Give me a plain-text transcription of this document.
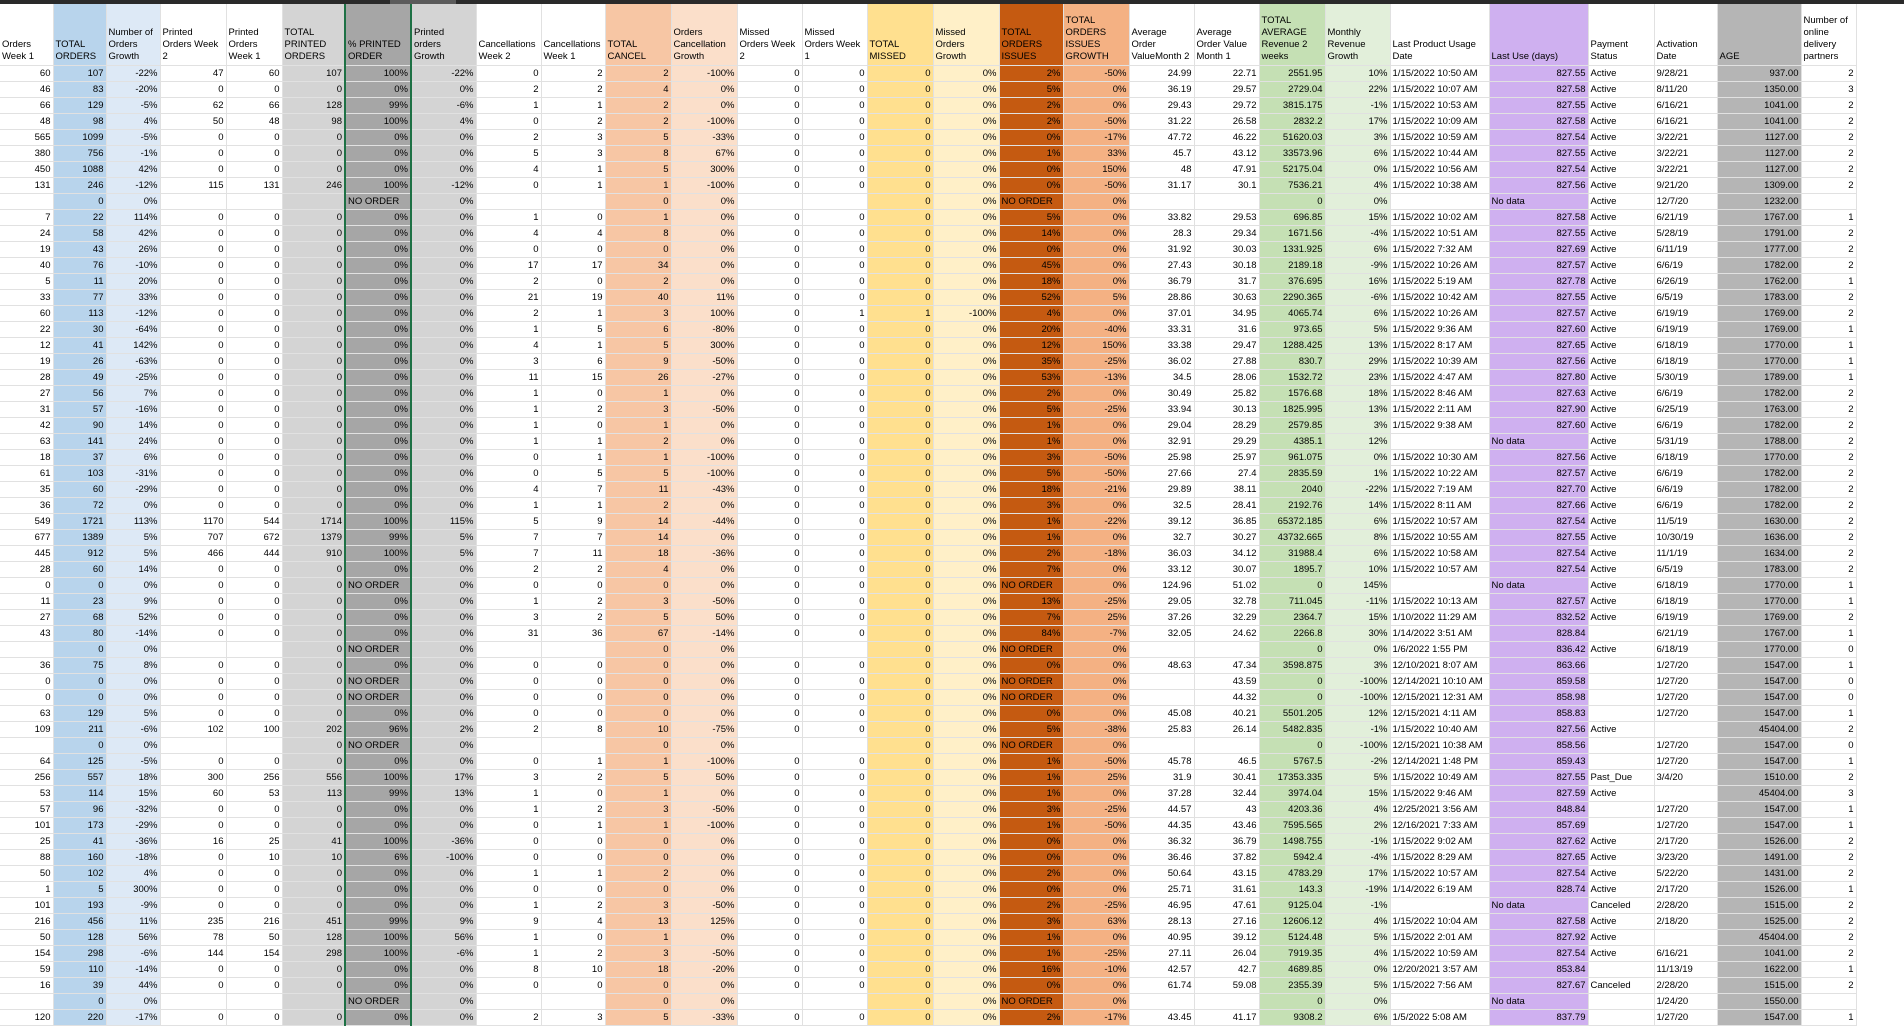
Orders Week 1	TOTAL ORDERS	Number of Orders Growth	Printed Orders Week 2	Printed Orders Week 1	TOTAL PRINTED ORDERS	% PRINTED ORDER	Printed orders Growth	Cancellations Week 2	Cancellations Week 1	TOTAL CANCEL	Orders Cancellation Growth	Missed Orders Week 2	Missed Orders Week 1	TOTAL MISSED	Missed Orders Growth	TOTAL ORDERS ISSUES	TOTAL ORDERS ISSUES GROWTH	Average Order ValueMonth 2	Average Order Value Month 1	TOTAL AVERAGE Revenue 2 weeks	Monthly Revenue Growth	Last Product Usage Date	Last Use (days)	Payment Status	Activation Date	AGE	Number of online delivery partners
60	107	-22%	47	60	107	100%	-22%	0	2	2	-100%	0	0	0	0%	2%	-50%	24.99	22.71	2551.95	10%	1/15/2022 10:50 AM	827.55	Active	9/28/21	937.00	2
46	83	-20%	0	0	0	0%	0%	2	2	4	0%	0	0	0	0%	5%	0%	36.19	29.57	2729.04	22%	1/15/2022 10:07 AM	827.58	Active	8/11/20	1350.00	3
66	129	-5%	62	66	128	99%	-6%	1	1	2	0%	0	0	0	0%	2%	0%	29.43	29.72	3815.175	-1%	1/15/2022 10:53 AM	827.55	Active	6/16/21	1041.00	2
48	98	4%	50	48	98	100%	4%	0	2	2	-100%	0	0	0	0%	2%	-50%	31.22	26.58	2832.2	17%	1/15/2022 10:09 AM	827.58	Active	6/16/21	1041.00	2
565	1099	-5%	0	0	0	0%	0%	2	3	5	-33%	0	0	0	0%	0%	-17%	47.72	46.22	51620.03	3%	1/15/2022 10:59 AM	827.54	Active	3/22/21	1127.00	2
380	756	-1%	0	0	0	0%	0%	5	3	8	67%	0	0	0	0%	1%	33%	45.7	43.12	33573.96	6%	1/15/2022 10:44 AM	827.55	Active	3/22/21	1127.00	2
450	1088	42%	0	0	0	0%	0%	4	1	5	300%	0	0	0	0%	0%	150%	48	47.91	52175.04	0%	1/15/2022 10:56 AM	827.54	Active	3/22/21	1127.00	2
131	246	-12%	115	131	246	100%	-12%	0	1	1	-100%	0	0	0	0%	0%	-50%	31.17	30.1	7536.21	4%	1/15/2022 10:38 AM	827.56	Active	9/21/20	1309.00	2
	0	0%				NO ORDER	0%			0	0%			0	0%	NO ORDER	0%			0	0%		No data	Active	12/7/20	1232.00	
7	22	114%	0	0	0	0%	0%	1	0	1	0%	0	0	0	0%	5%	0%	33.82	29.53	696.85	15%	1/15/2022 10:02 AM	827.58	Active	6/21/19	1767.00	1
24	58	42%	0	0	0	0%	0%	4	4	8	0%	0	0	0	0%	14%	0%	28.3	29.34	1671.56	-4%	1/15/2022 10:51 AM	827.55	Active	5/28/19	1791.00	2
19	43	26%	0	0	0	0%	0%	0	0	0	0%	0	0	0	0%	0%	0%	31.92	30.03	1331.925	6%	1/15/2022 7:32 AM	827.69	Active	6/11/19	1777.00	2
40	76	-10%	0	0	0	0%	0%	17	17	34	0%	0	0	0	0%	45%	0%	27.43	30.18	2189.18	-9%	1/15/2022 10:26 AM	827.57	Active	6/6/19	1782.00	2
5	11	20%	0	0	0	0%	0%	2	0	2	0%	0	0	0	0%	18%	0%	36.79	31.7	376.695	16%	1/15/2022 5:19 AM	827.78	Active	6/26/19	1762.00	1
33	77	33%	0	0	0	0%	0%	21	19	40	11%	0	0	0	0%	52%	5%	28.86	30.63	2290.365	-6%	1/15/2022 10:42 AM	827.55	Active	6/5/19	1783.00	2
60	113	-12%	0	0	0	0%	0%	2	1	3	100%	0	1	1	-100%	4%	0%	37.01	34.95	4065.74	6%	1/15/2022 10:26 AM	827.57	Active	6/19/19	1769.00	2
22	30	-64%	0	0	0	0%	0%	1	5	6	-80%	0	0	0	0%	20%	-40%	33.31	31.6	973.65	5%	1/15/2022 9:36 AM	827.60	Active	6/19/19	1769.00	1
12	41	142%	0	0	0	0%	0%	4	1	5	300%	0	0	0	0%	12%	150%	33.38	29.47	1288.425	13%	1/15/2022 8:17 AM	827.65	Active	6/18/19	1770.00	1
19	26	-63%	0	0	0	0%	0%	3	6	9	-50%	0	0	0	0%	35%	-25%	36.02	27.88	830.7	29%	1/15/2022 10:39 AM	827.56	Active	6/18/19	1770.00	1
28	49	-25%	0	0	0	0%	0%	11	15	26	-27%	0	0	0	0%	53%	-13%	34.5	28.06	1532.72	23%	1/15/2022 4:47 AM	827.80	Active	5/30/19	1789.00	1
27	56	7%	0	0	0	0%	0%	1	0	1	0%	0	0	0	0%	2%	0%	30.49	25.82	1576.68	18%	1/15/2022 8:46 AM	827.63	Active	6/6/19	1782.00	2
31	57	-16%	0	0	0	0%	0%	1	2	3	-50%	0	0	0	0%	5%	-25%	33.94	30.13	1825.995	13%	1/15/2022 2:11 AM	827.90	Active	6/25/19	1763.00	2
42	90	14%	0	0	0	0%	0%	1	0	1	0%	0	0	0	0%	1%	0%	29.04	28.29	2579.85	3%	1/15/2022 9:38 AM	827.60	Active	6/6/19	1782.00	2
63	141	24%	0	0	0	0%	0%	1	1	2	0%	0	0	0	0%	1%	0%	32.91	29.29	4385.1	12%		No data	Active	5/31/19	1788.00	2
18	37	6%	0	0	0	0%	0%	0	1	1	-100%	0	0	0	0%	3%	-50%	25.98	25.97	961.075	0%	1/15/2022 10:30 AM	827.56	Active	6/18/19	1770.00	2
61	103	-31%	0	0	0	0%	0%	0	5	5	-100%	0	0	0	0%	5%	-50%	27.66	27.4	2835.59	1%	1/15/2022 10:22 AM	827.57	Active	6/6/19	1782.00	2
35	60	-29%	0	0	0	0%	0%	4	7	11	-43%	0	0	0	0%	18%	-21%	29.89	38.11	2040	-22%	1/15/2022 7:19 AM	827.70	Active	6/6/19	1782.00	2
36	72	0%	0	0	0	0%	0%	1	1	2	0%	0	0	0	0%	3%	0%	32.5	28.41	2192.76	14%	1/15/2022 8:11 AM	827.66	Active	6/6/19	1782.00	2
549	1721	113%	1170	544	1714	100%	115%	5	9	14	-44%	0	0	0	0%	1%	-22%	39.12	36.85	65372.185	6%	1/15/2022 10:57 AM	827.54	Active	11/5/19	1630.00	2
677	1389	5%	707	672	1379	99%	5%	7	7	14	0%	0	0	0	0%	1%	0%	32.7	30.27	43732.665	8%	1/15/2022 10:55 AM	827.55	Active	10/30/19	1636.00	2
445	912	5%	466	444	910	100%	5%	7	11	18	-36%	0	0	0	0%	2%	-18%	36.03	34.12	31988.4	6%	1/15/2022 10:58 AM	827.54	Active	11/1/19	1634.00	2
28	60	14%	0	0	0	0%	0%	2	2	4	0%	0	0	0	0%	7%	0%	33.12	30.07	1895.7	10%	1/15/2022 10:57 AM	827.54	Active	6/5/19	1783.00	2
0	0	0%	0	0	0	NO ORDER	0%	0	0	0	0%	0	0	0	0%	NO ORDER	0%	124.96	51.02	0	145%		No data	Active	6/18/19	1770.00	1
11	23	9%	0	0	0	0%	0%	1	2	3	-50%	0	0	0	0%	13%	-25%	29.05	32.78	711.045	-11%	1/15/2022 10:13 AM	827.57	Active	6/18/19	1770.00	1
27	68	52%	0	0	0	0%	0%	3	2	5	50%	0	0	0	0%	7%	25%	37.26	32.29	2364.7	15%	1/10/2022 11:29 AM	832.52	Active	6/19/19	1769.00	2
43	80	-14%	0	0	0	0%	0%	31	36	67	-14%	0	0	0	0%	84%	-7%	32.05	24.62	2266.8	30%	1/14/2022 3:51 AM	828.84		6/21/19	1767.00	1
	0	0%			0	NO ORDER	0%			0	0%			0	0%	NO ORDER	0%			0	0%	1/6/2022 1:55 PM	836.42	Active	6/18/19	1770.00	0
36	75	8%	0	0	0	0%	0%	0	0	0	0%	0	0	0	0%	0%	0%	48.63	47.34	3598.875	3%	12/10/2021 8:07 AM	863.66		1/27/20	1547.00	1
0	0	0%	0	0	0	NO ORDER	0%	0	0	0	0%	0	0	0	0%	NO ORDER	0%		43.59	0	-100%	12/14/2021 10:10 AM	859.58		1/27/20	1547.00	0
0	0	0%	0	0	0	NO ORDER	0%	0	0	0	0%	0	0	0	0%	NO ORDER	0%		44.32	0	-100%	12/15/2021 12:31 AM	858.98		1/27/20	1547.00	0
63	129	5%	0	0	0	0%	0%	0	0	0	0%	0	0	0	0%	0%	0%	45.08	40.21	5501.205	12%	12/15/2021 4:11 AM	858.83		1/27/20	1547.00	1
109	211	-6%	102	100	202	96%	2%	2	8	10	-75%	0	0	0	0%	5%	-38%	25.83	26.14	5482.835	-1%	1/15/2022 10:40 AM	827.56	Active		45404.00	2
	0	0%			0	NO ORDER	0%			0	0%			0	0%	NO ORDER	0%			0	-100%	12/15/2021 10:38 AM	858.56		1/27/20	1547.00	0
64	125	-5%	0	0	0	0%	0%	0	1	1	-100%	0	0	0	0%	1%	-50%	45.78	46.5	5767.5	-2%	12/14/2021 1:48 PM	859.43		1/27/20	1547.00	1
256	557	18%	300	256	556	100%	17%	3	2	5	50%	0	0	0	0%	1%	25%	31.9	30.41	17353.335	5%	1/15/2022 10:49 AM	827.55	Past_Due	3/4/20	1510.00	2
53	114	15%	60	53	113	99%	13%	1	0	1	0%	0	0	0	0%	1%	0%	37.28	32.44	3974.04	15%	1/15/2022 9:46 AM	827.59	Active		45404.00	3
57	96	-32%	0	0	0	0%	0%	1	2	3	-50%	0	0	0	0%	3%	-25%	44.57	43	4203.36	4%	12/25/2021 3:56 AM	848.84		1/27/20	1547.00	1
101	173	-29%	0	0	0	0%	0%	0	1	1	-100%	0	0	0	0%	1%	-50%	44.35	43.46	7595.565	2%	12/16/2021 7:33 AM	857.69		1/27/20	1547.00	1
25	41	-36%	16	25	41	100%	-36%	0	0	0	0%	0	0	0	0%	0%	0%	36.32	36.79	1498.755	-1%	1/15/2022 9:02 AM	827.62	Active	2/17/20	1526.00	2
88	160	-18%	0	10	10	6%	-100%	0	0	0	0%	0	0	0	0%	0%	0%	36.46	37.82	5942.4	-4%	1/15/2022 8:29 AM	827.65	Active	3/23/20	1491.00	2
50	102	4%	0	0	0	0%	0%	1	1	2	0%	0	0	0	0%	2%	0%	50.64	43.15	4783.29	17%	1/15/2022 10:57 AM	827.54	Active	5/22/20	1431.00	2
1	5	300%	0	0	0	0%	0%	0	0	0	0%	0	0	0	0%	0%	0%	25.71	31.61	143.3	-19%	1/14/2022 6:19 AM	828.74	Active	2/17/20	1526.00	1
101	193	-9%	0	0	0	0%	0%	1	2	3	-50%	0	0	0	0%	2%	-25%	46.95	47.61	9125.04	-1%		No data	Canceled	2/28/20	1515.00	2
216	456	11%	235	216	451	99%	9%	9	4	13	125%	0	0	0	0%	3%	63%	28.13	27.16	12606.12	4%	1/15/2022 10:04 AM	827.58	Active	2/18/20	1525.00	2
50	128	56%	78	50	128	100%	56%	1	0	1	0%	0	0	0	0%	1%	0%	40.95	39.12	5124.48	5%	1/15/2022 2:01 AM	827.92	Active		45404.00	2
154	298	-6%	144	154	298	100%	-6%	1	2	3	-50%	0	0	0	0%	1%	-25%	27.11	26.04	7919.35	4%	1/15/2022 10:59 AM	827.54	Active	6/16/21	1041.00	2
59	110	-14%	0	0	0	0%	0%	8	10	18	-20%	0	0	0	0%	16%	-10%	42.57	42.7	4689.85	0%	12/20/2021 3:57 AM	853.84		11/13/19	1622.00	1
16	39	44%	0	0	0	0%	0%	0	0	0	0%	0	0	0	0%	0%	0%	61.74	59.08	2355.39	5%	1/15/2022 7:56 AM	827.67	Canceled	2/28/20	1515.00	2
	0	0%				NO ORDER	0%			0	0%			0	0%	NO ORDER	0%			0	0%		No data		1/24/20	1550.00	
120	220	-17%	0	0	0	0%	0%	2	3	5	-33%	0	0	0	0%	2%	-17%	43.45	41.17	9308.2	6%	1/5/2022 5:08 AM	837.79		1/27/20	1547.00	1
